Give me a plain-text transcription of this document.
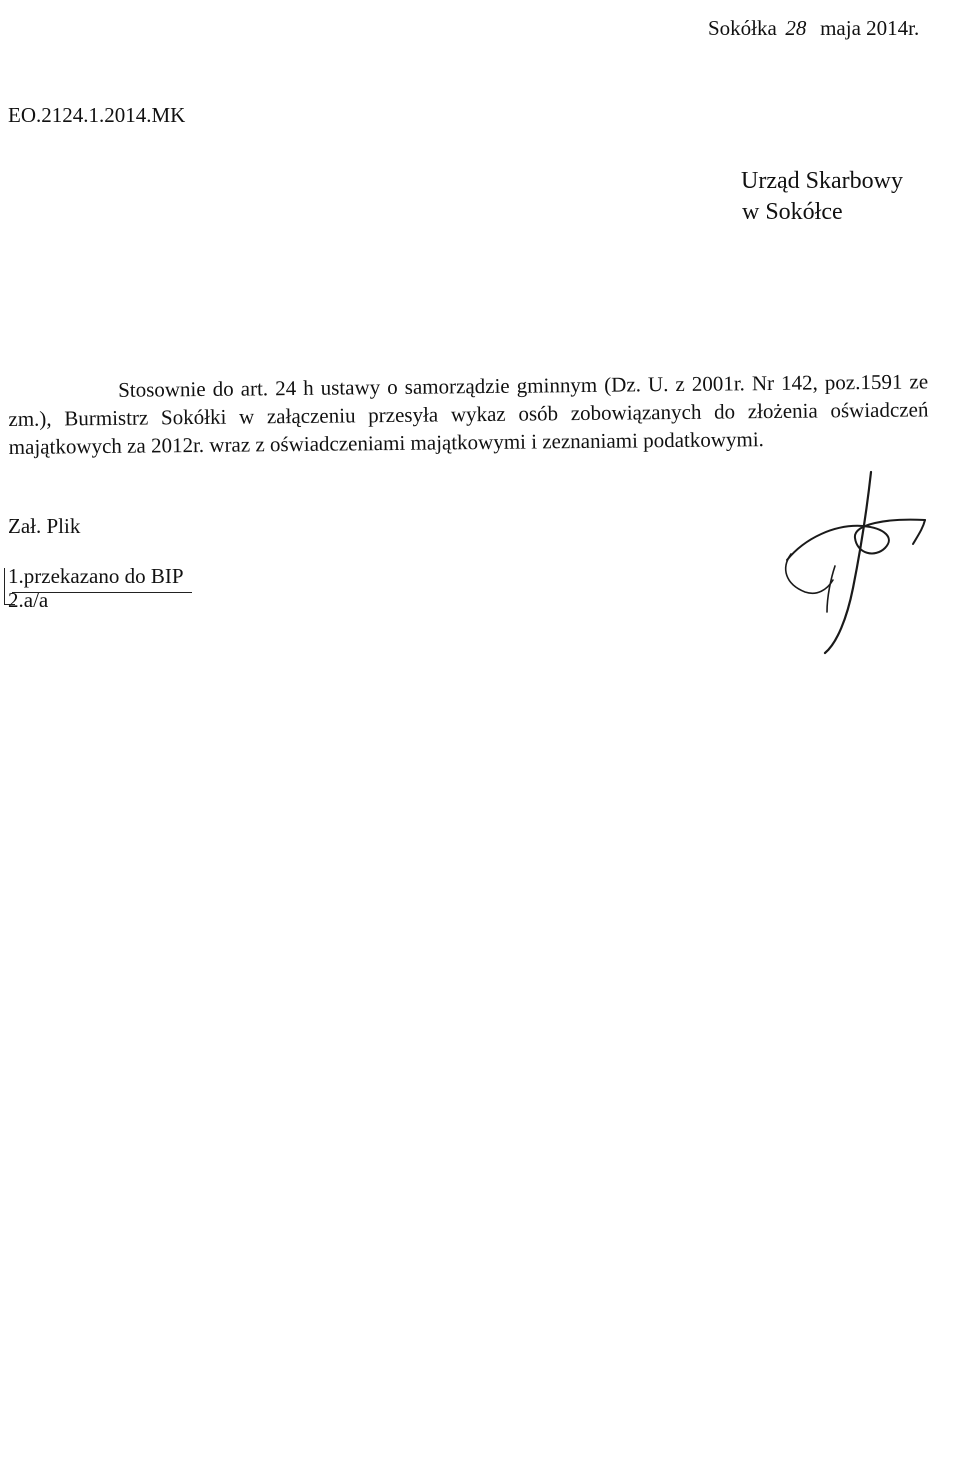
Sokółka 28 maja 2014r.
EO.2124.1.2014.MK
Urząd Skarbowy
w Sokółce

Stosownie do art. 24 h ustawy o samorządzie gminnym (Dz. U. z 2001r. Nr 142, poz.1591 ze zm.), Burmistrz Sokółki w załączeniu przesyła wykaz osób zobowiązanych do złożenia oświadczeń majątkowych za 2012r. wraz z oświadczeniami majątkowymi i zeznaniami podatkowymi.

Zał. Plik
1.przekazano do BIP
2.a/a
